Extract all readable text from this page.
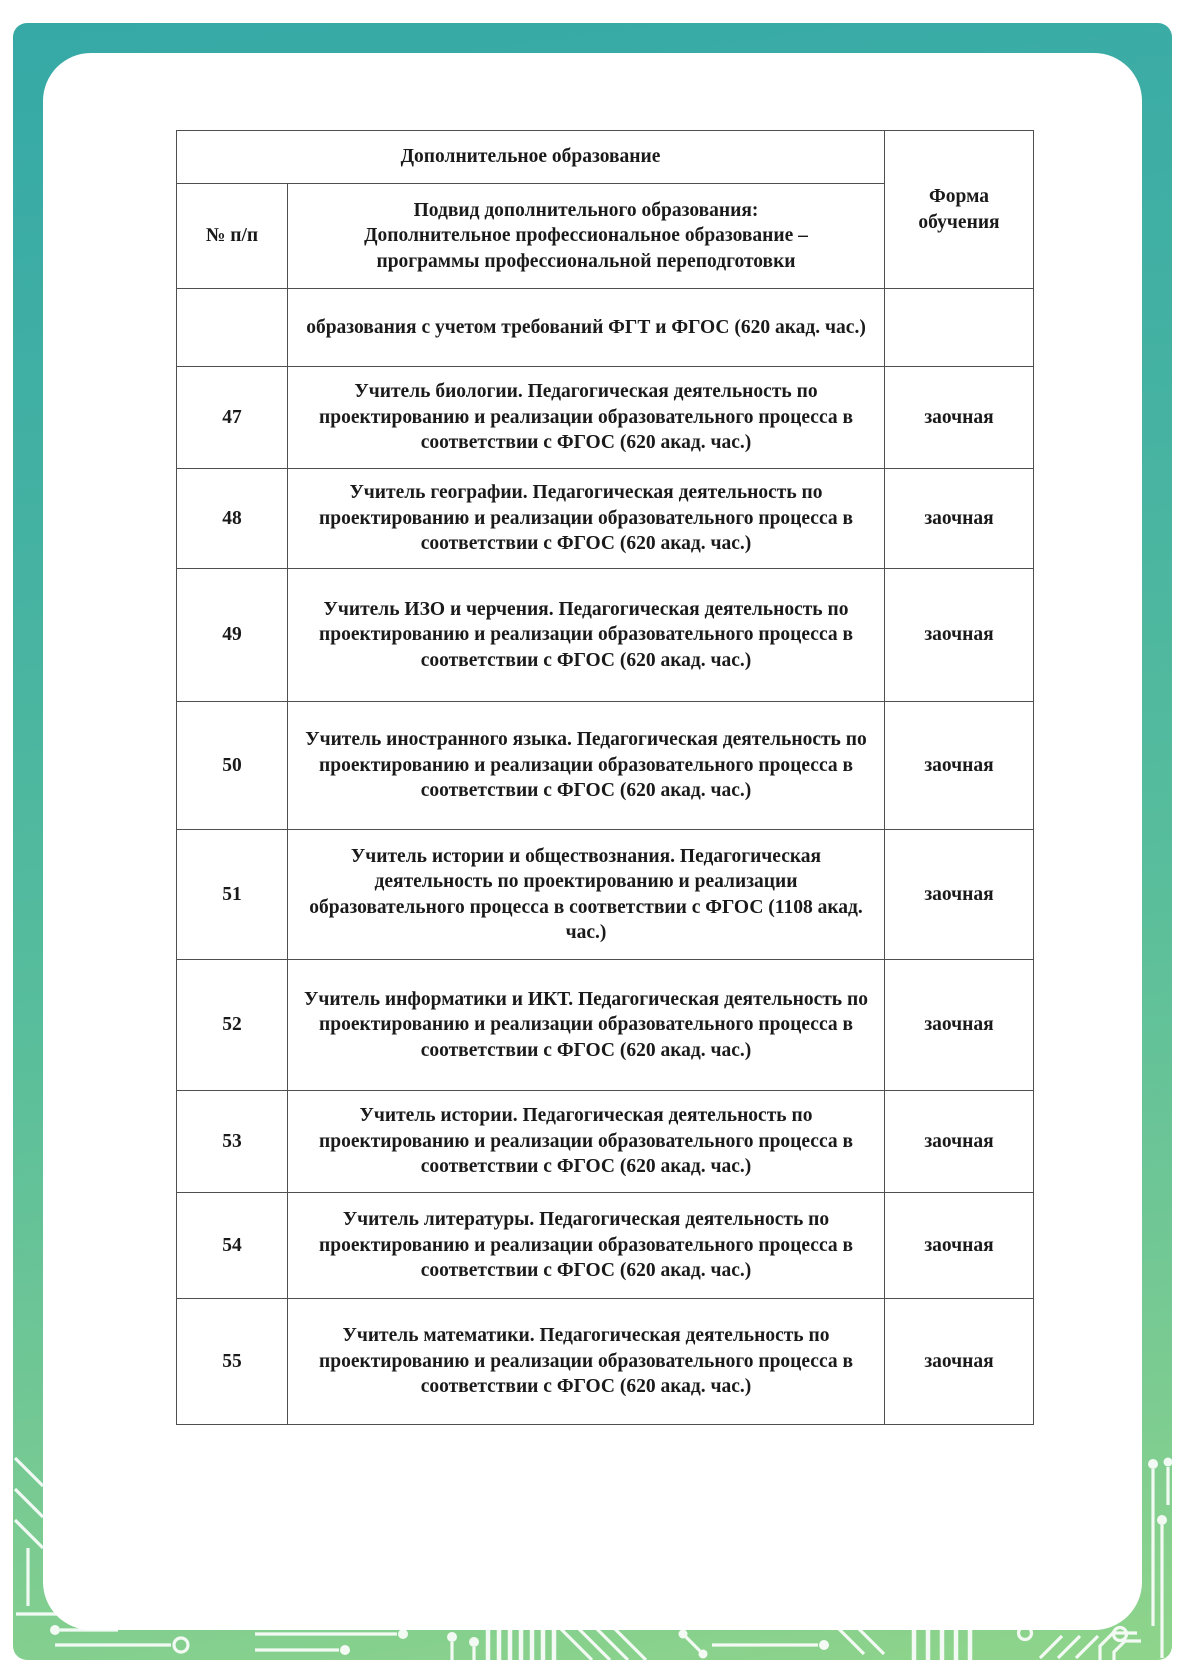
Дополнительное образование		Форма обучения
№ п/п	Подвид дополнительного образования:
Дополнительное профессиональное образование –
программы профессиональной переподготовки	

	образования с учетом требований ФГТ и ФГОС (620 акад. час.)	
47	Учитель биологии. Педагогическая деятельность по проектированию и реализации образовательного процесса в соответствии с ФГОС (620 акад. час.)	заочная
48	Учитель географии. Педагогическая деятельность по проектированию и реализации образовательного процесса в соответствии с ФГОС (620 акад. час.)	заочная
49	Учитель ИЗО и черчения. Педагогическая деятельность по проектированию и реализации образовательного процесса в соответствии с ФГОС (620 акад. час.)	заочная
50	Учитель иностранного языка. Педагогическая деятельность по проектированию и реализации образовательного процесса в соответствии с ФГОС (620 акад. час.)	заочная
51	Учитель истории и обществознания. Педагогическая деятельность по проектированию и реализации образовательного процесса в соответствии с ФГОС (1108 акад. час.)	заочная
52	Учитель информатики и ИКТ. Педагогическая деятельность по проектированию и реализации образовательного процесса в соответствии с ФГОС (620 акад. час.)	заочная
53	Учитель истории. Педагогическая деятельность по проектированию и реализации образовательного процесса в соответствии с ФГОС (620 акад. час.)	заочная
54	Учитель литературы. Педагогическая деятельность по проектированию и реализации образовательного процесса в соответствии с ФГОС (620 акад. час.)	заочная
55	Учитель математики. Педагогическая деятельность по проектированию и реализации образовательного процесса в соответствии с ФГОС (620 акад. час.)	заочная
